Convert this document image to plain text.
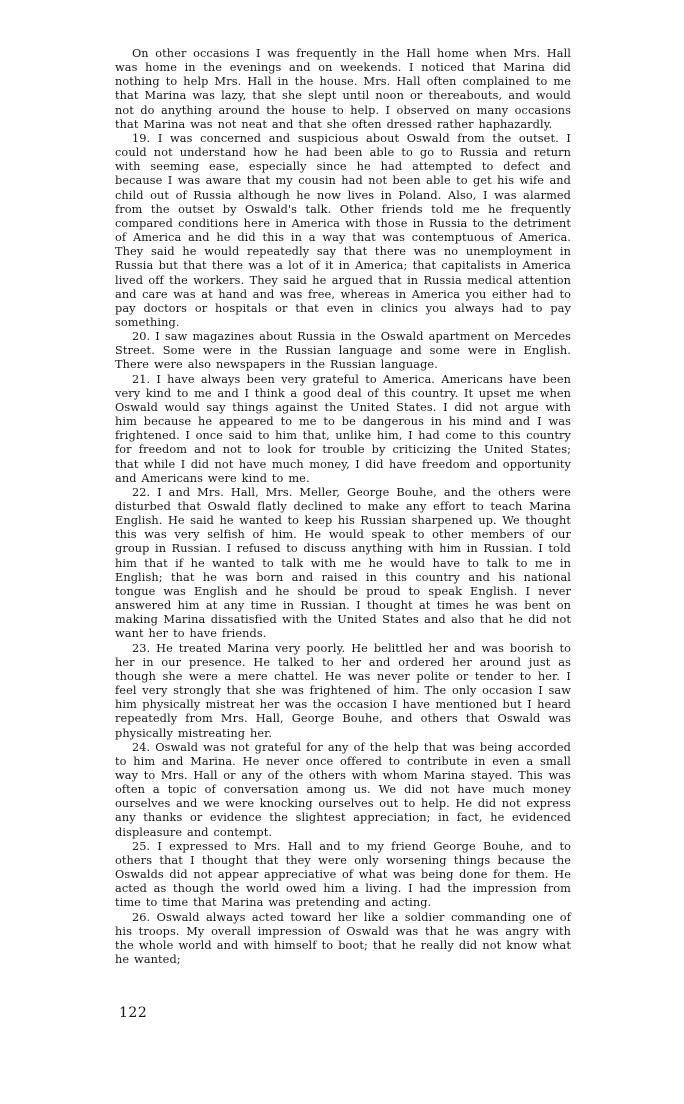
On other occasions I was frequently in the Hall home when Mrs. Hall was home in the evenings and on weekends. I noticed that Marina did nothing to help Mrs. Hall in the house. Mrs. Hall often complained to me that Marina was lazy, that she slept until noon or thereabouts, and would not do anything around the house to help. I observed on many occasions that Marina was not neat and that she often dressed rather haphazardly.

19. I was concerned and suspicious about Oswald from the outset. I could not understand how he had been able to go to Russia and return with seeming ease, especially since he had attempted to defect and because I was aware that my cousin had not been able to get his wife and child out of Russia although he now lives in Poland. Also, I was alarmed from the outset by Oswald's talk. Other friends told me he frequently compared conditions here in America with those in Russia to the detriment of America and he did this in a way that was contemptuous of America. They said he would repeatedly say that there was no unemployment in Russia but that there was a lot of it in America; that capitalists in America lived off the workers. They said he argued that in Russia medical attention and care was at hand and was free, whereas in America you either had to pay doctors or hospitals or that even in clinics you always had to pay something.

20. I saw magazines about Russia in the Oswald apartment on Mercedes Street. Some were in the Russian language and some were in English. There were also newspapers in the Russian language.

21. I have always been very grateful to America. Americans have been very kind to me and I think a good deal of this country. It upset me when Oswald would say things against the United States. I did not argue with him because he appeared to me to be dangerous in his mind and I was frightened. I once said to him that, unlike him, I had come to this country for freedom and not to look for trouble by criticizing the United States; that while I did not have much money, I did have freedom and opportunity and Americans were kind to me.

22. I and Mrs. Hall, Mrs. Meller, George Bouhe, and the others were disturbed that Oswald flatly declined to make any effort to teach Marina English. He said he wanted to keep his Russian sharpened up. We thought this was very selfish of him. He would speak to other members of our group in Russian. I refused to discuss anything with him in Russian. I told him that if he wanted to talk with me he would have to talk to me in English; that he was born and raised in this country and his national tongue was English and he should be proud to speak English. I never answered him at any time in Russian. I thought at times he was bent on making Marina dissatisfied with the United States and also that he did not want her to have friends.

23. He treated Marina very poorly. He belittled her and was boorish to her in our presence. He talked to her and ordered her around just as though she were a mere chattel. He was never polite or tender to her. I feel very strongly that she was frightened of him. The only occasion I saw him physically mistreat her was the occasion I have mentioned but I heard repeatedly from Mrs. Hall, George Bouhe, and others that Oswald was physically mistreating her.

24. Oswald was not grateful for any of the help that was being accorded to him and Marina. He never once offered to contribute in even a small way to Mrs. Hall or any of the others with whom Marina stayed. This was often a topic of conversation among us. We did not have much money ourselves and we were knocking ourselves out to help. He did not express any thanks or evidence the slightest appreciation; in fact, he evidenced displeasure and contempt.

25. I expressed to Mrs. Hall and to my friend George Bouhe, and to others that I thought that they were only worsening things because the Oswalds did not appear appreciative of what was being done for them. He acted as though the world owed him a living. I had the impression from time to time that Marina was pretending and acting.

26. Oswald always acted toward her like a soldier commanding one of his troops. My overall impression of Oswald was that he was angry with the whole world and with himself to boot; that he really did not know what he wanted;

122
